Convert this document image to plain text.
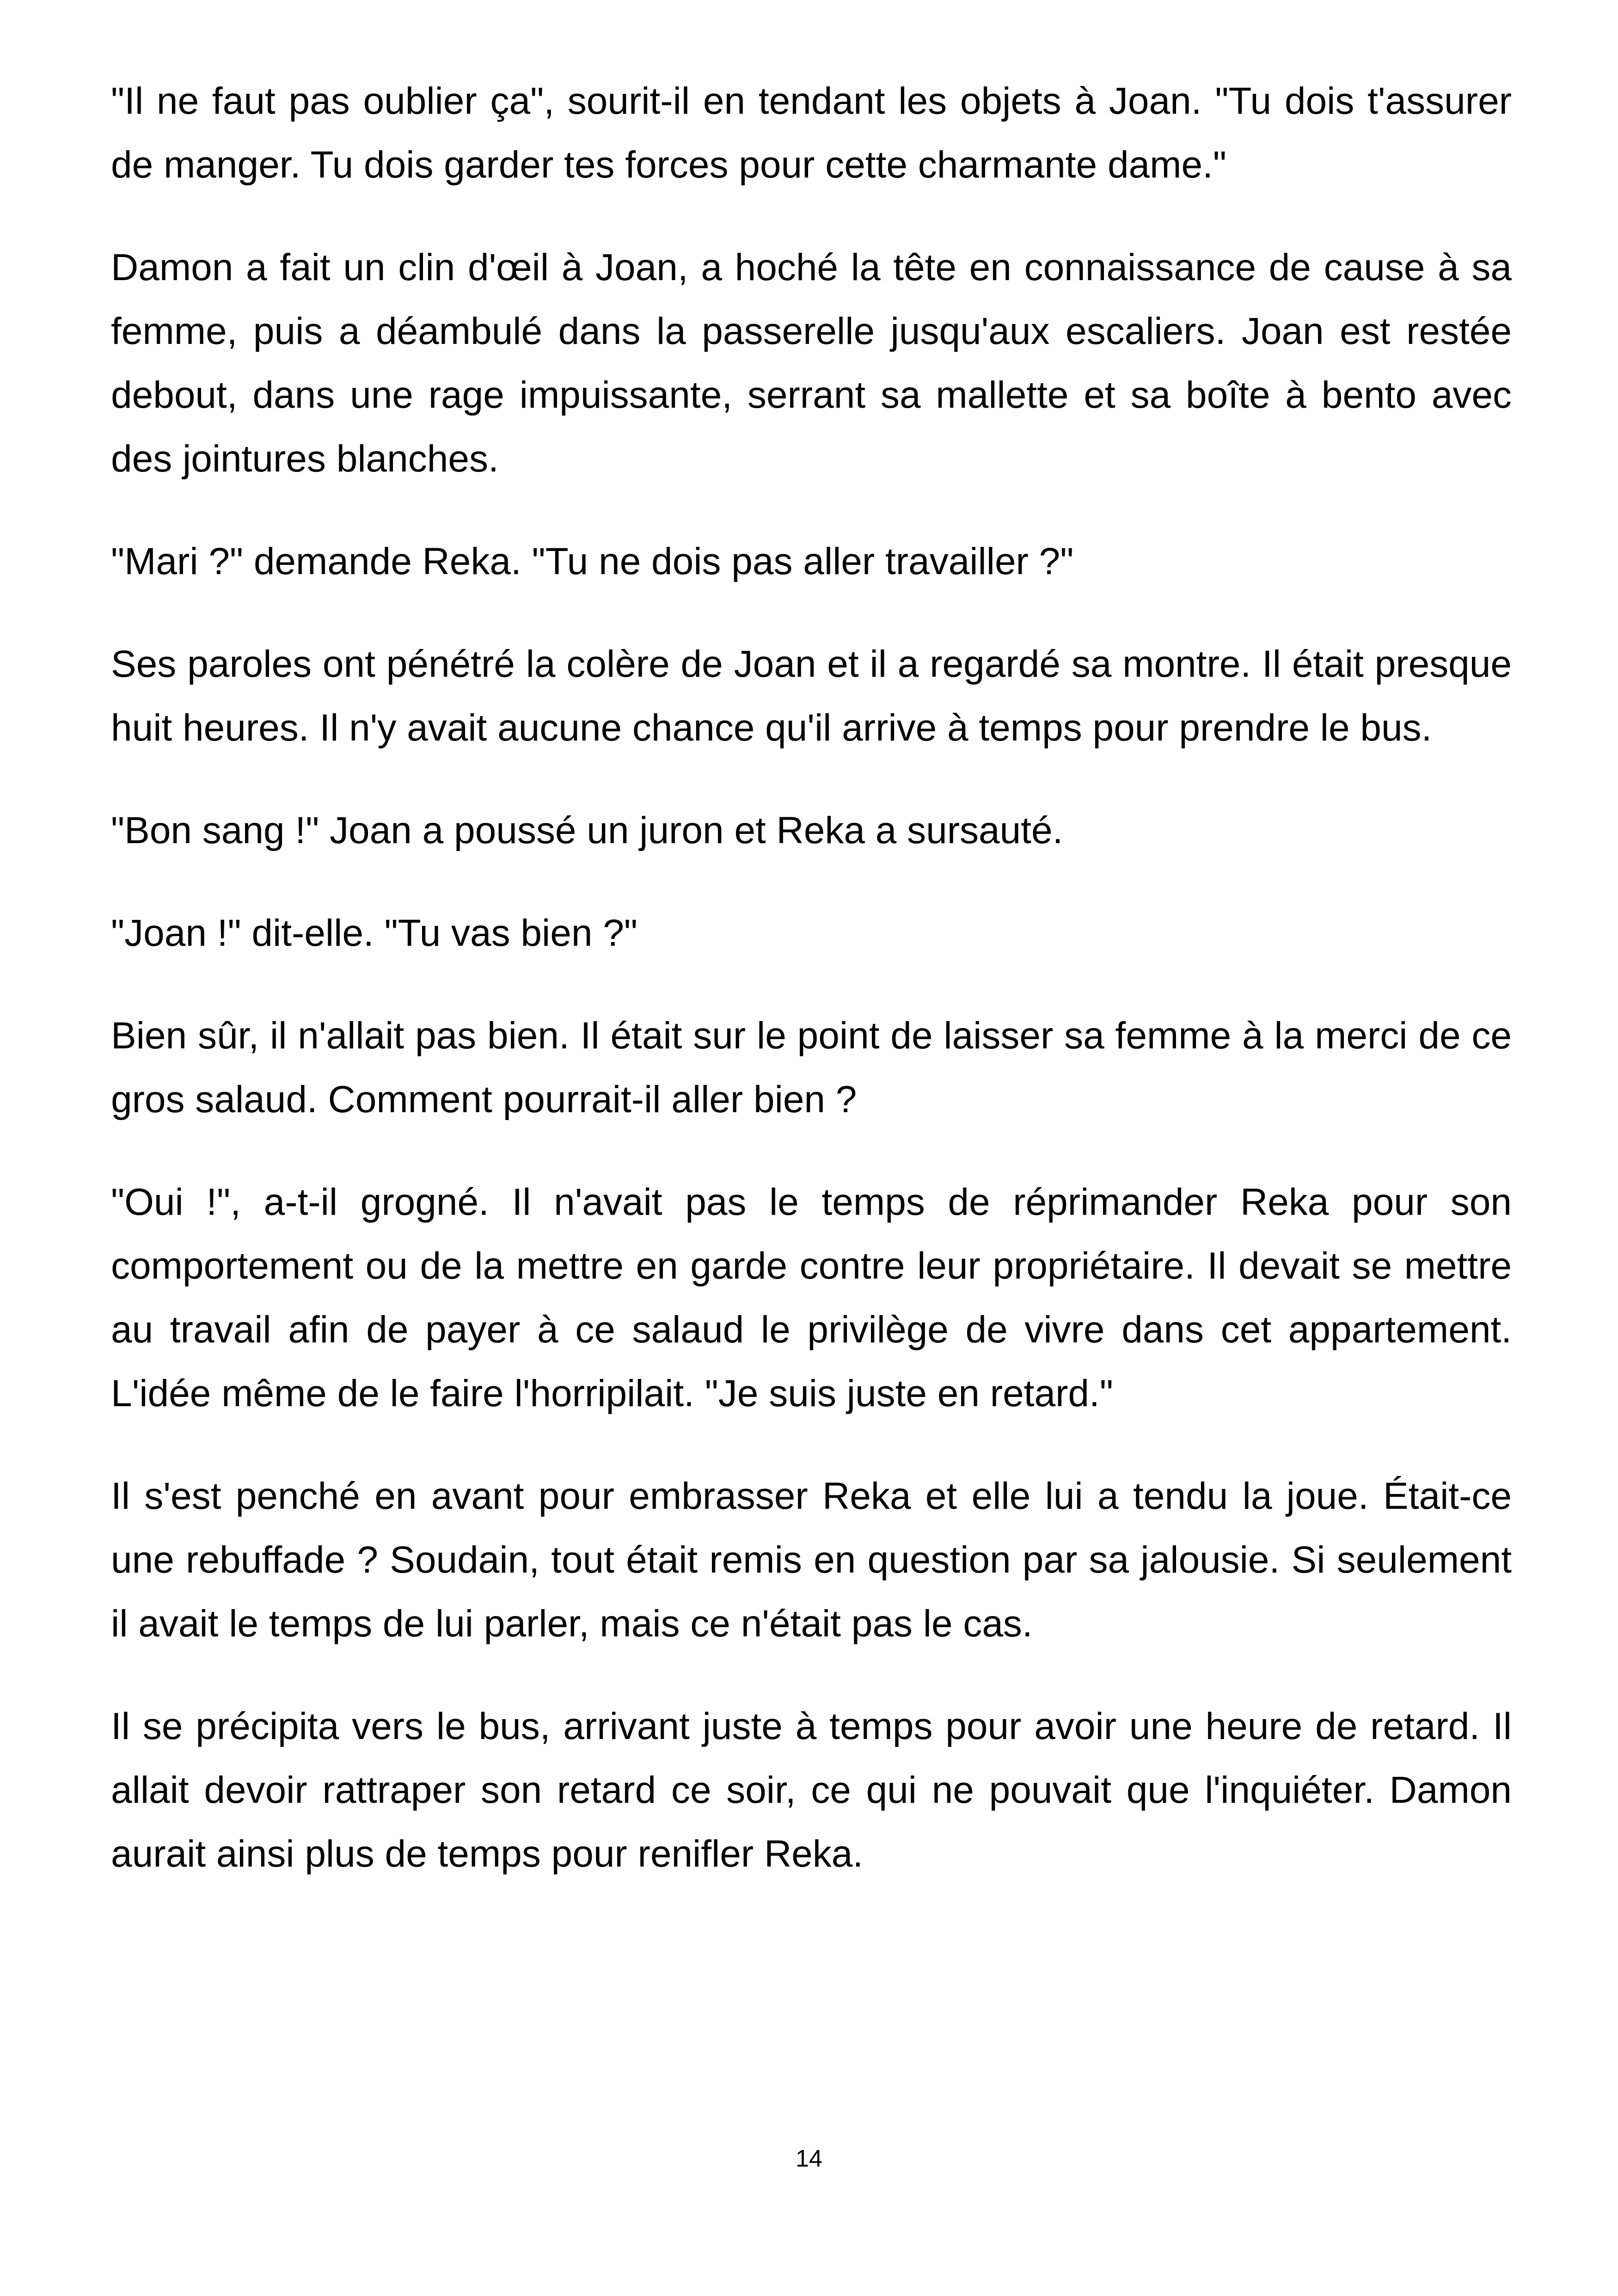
"Il ne faut pas oublier ça", sourit-il en tendant les objets à Joan. "Tu dois t'assurer de manger. Tu dois garder tes forces pour cette charmante dame."

Damon a fait un clin d'œil à Joan, a hoché la tête en connaissance de cause à sa femme, puis a déambulé dans la passerelle jusqu'aux escaliers. Joan est restée debout, dans une rage impuissante, serrant sa mallette et sa boîte à bento avec des jointures blanches.

"Mari ?" demande Reka. "Tu ne dois pas aller travailler ?"

Ses paroles ont pénétré la colère de Joan et il a regardé sa montre. Il était presque huit heures. Il n'y avait aucune chance qu'il arrive à temps pour prendre le bus.

"Bon sang !" Joan a poussé un juron et Reka a sursauté.

"Joan !" dit-elle. "Tu vas bien ?"

Bien sûr, il n'allait pas bien. Il était sur le point de laisser sa femme à la merci de ce gros salaud. Comment pourrait-il aller bien ?

"Oui !", a-t-il grogné. Il n'avait pas le temps de réprimander Reka pour son comportement ou de la mettre en garde contre leur propriétaire. Il devait se mettre au travail afin de payer à ce salaud le privilège de vivre dans cet appartement. L'idée même de le faire l'horripilait. "Je suis juste en retard."

Il s'est penché en avant pour embrasser Reka et elle lui a tendu la joue. Était-ce une rebuffade ? Soudain, tout était remis en question par sa jalousie. Si seulement il avait le temps de lui parler, mais ce n'était pas le cas.

Il se précipita vers le bus, arrivant juste à temps pour avoir une heure de retard. Il allait devoir rattraper son retard ce soir, ce qui ne pouvait que l'inquiéter. Damon aurait ainsi plus de temps pour renifler Reka.

14
